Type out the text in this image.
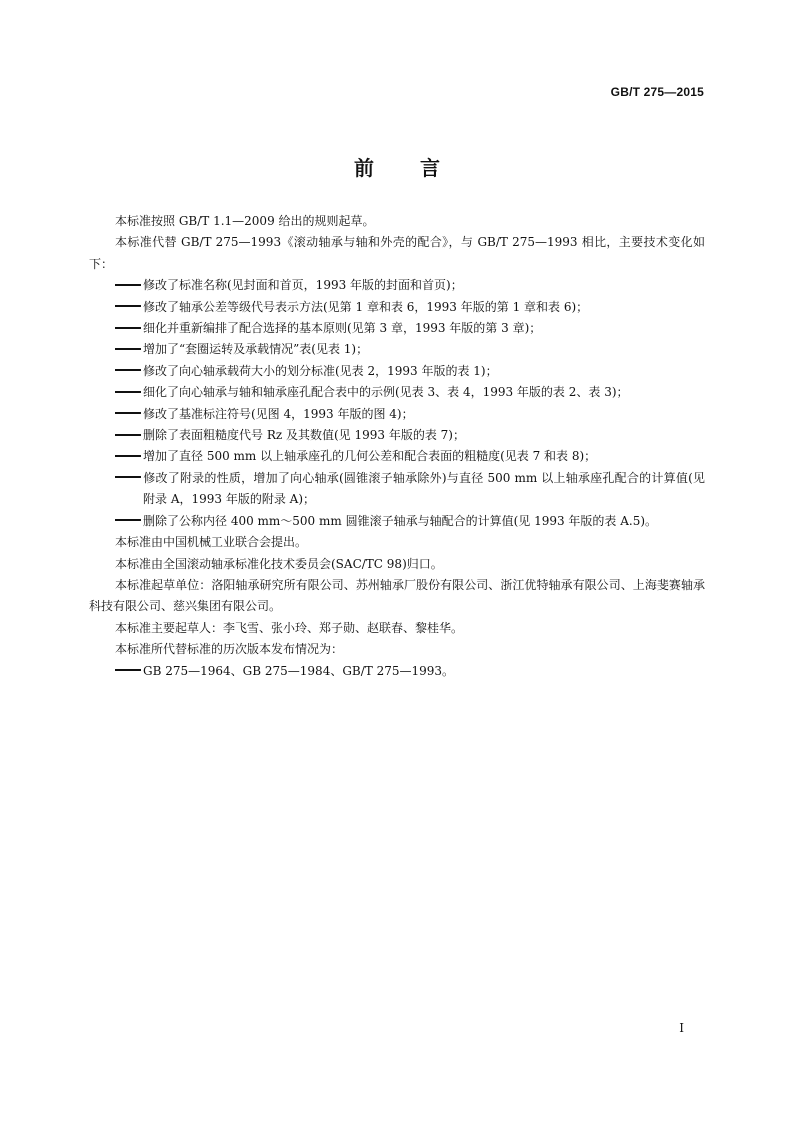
GB/T 275—2015
前 言

本标准按照 GB/T 1.1—2009 给出的规则起草。

本标准代替 GB/T 275—1993《滚动轴承与轴和外壳的配合》，与 GB/T 275—1993 相比，主要技术变化如下：

修改了标准名称(见封面和首页，1993 年版的封面和首页)；

修改了轴承公差等级代号表示方法(见第 1 章和表 6，1993 年版的第 1 章和表 6)；

细化并重新编排了配合选择的基本原则(见第 3 章，1993 年版的第 3 章)；

增加了“套圈运转及承载情况”表(见表 1)；

修改了向心轴承载荷大小的划分标准(见表 2，1993 年版的表 1)；

细化了向心轴承与轴和轴承座孔配合表中的示例(见表 3、表 4，1993 年版的表 2、表 3)；

修改了基准标注符号(见图 4，1993 年版的图 4)；

删除了表面粗糙度代号 Rz 及其数值(见 1993 年版的表 7)；

增加了直径 500 mm 以上轴承座孔的几何公差和配合表面的粗糙度(见表 7 和表 8)；

修改了附录的性质，增加了向心轴承(圆锥滚子轴承除外)与直径 500 mm 以上轴承座孔配合的计算值(见附录 A，1993 年版的附录 A)；

删除了公称内径 400 mm～500 mm 圆锥滚子轴承与轴配合的计算值(见 1993 年版的表 A.5)。

本标准由中国机械工业联合会提出。

本标准由全国滚动轴承标准化技术委员会(SAC/TC 98)归口。

本标准起草单位：洛阳轴承研究所有限公司、苏州轴承厂股份有限公司、浙江优特轴承有限公司、上海斐赛轴承科技有限公司、慈兴集团有限公司。

本标准主要起草人：李飞雪、张小玲、郑子勋、赵联春、黎桂华。

本标准所代替标准的历次版本发布情况为：

GB 275—1964、GB 275—1984、GB/T 275—1993。

I
